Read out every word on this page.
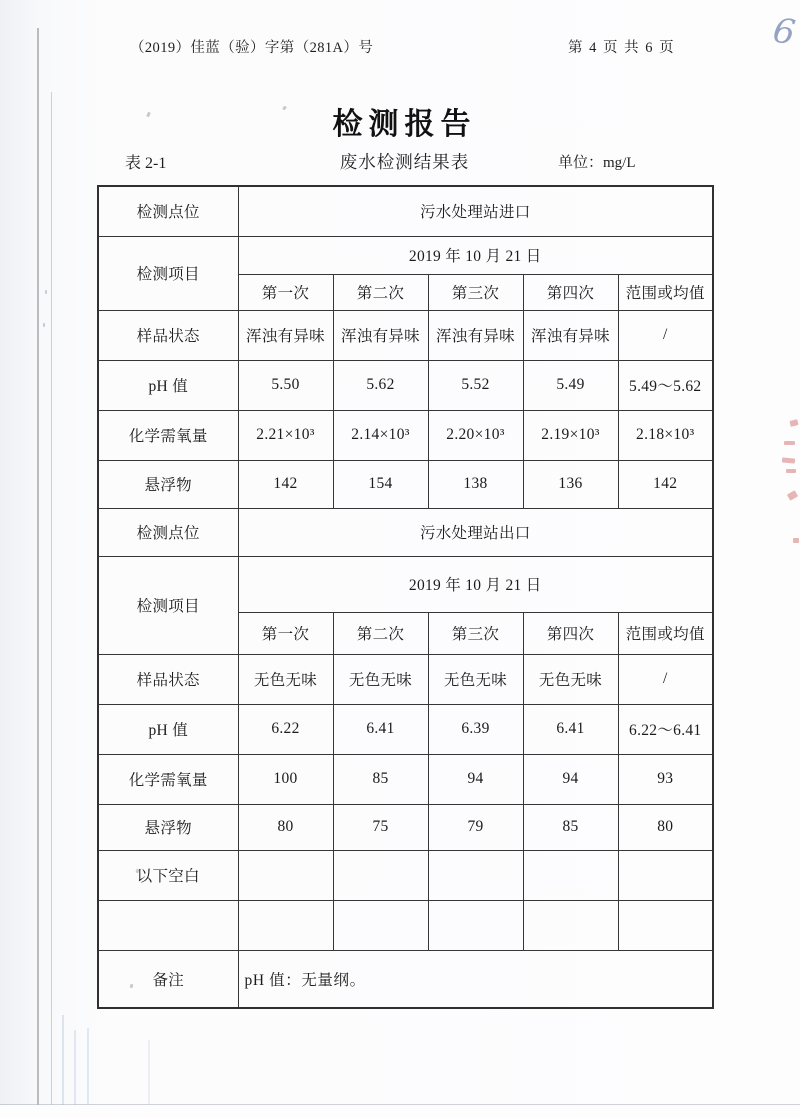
6
（2019）佳蓝（验）字第（281A）号	第 4 页 共 6 页
检测报告
表 2-1	废水检测结果表	单位：mg/L
检测点位	污水处理站进口				
检测项目	2019 年 10 月 21 日				
	第一次	第二次	第三次	第四次	范围或均值
样品状态	浑浊有异味	浑浊有异味	浑浊有异味	浑浊有异味	/
pH 值	5.50	5.62	5.52	5.49	5.49～5.62
化学需氧量	2.21×10³	2.14×10³	2.20×10³	2.19×10³	2.18×10³
悬浮物	142	154	138	136	142
检测点位	污水处理站出口				
检测项目	2019 年 10 月 21 日				
	第一次	第二次	第三次	第四次	范围或均值
样品状态	无色无味	无色无味	无色无味	无色无味	/
pH 值	6.22	6.41	6.39	6.41	6.22～6.41
化学需氧量	100	85	94	94	93
悬浮物	80	75	79	85	80
以下空白					

备注	pH 值：无量纲。				
